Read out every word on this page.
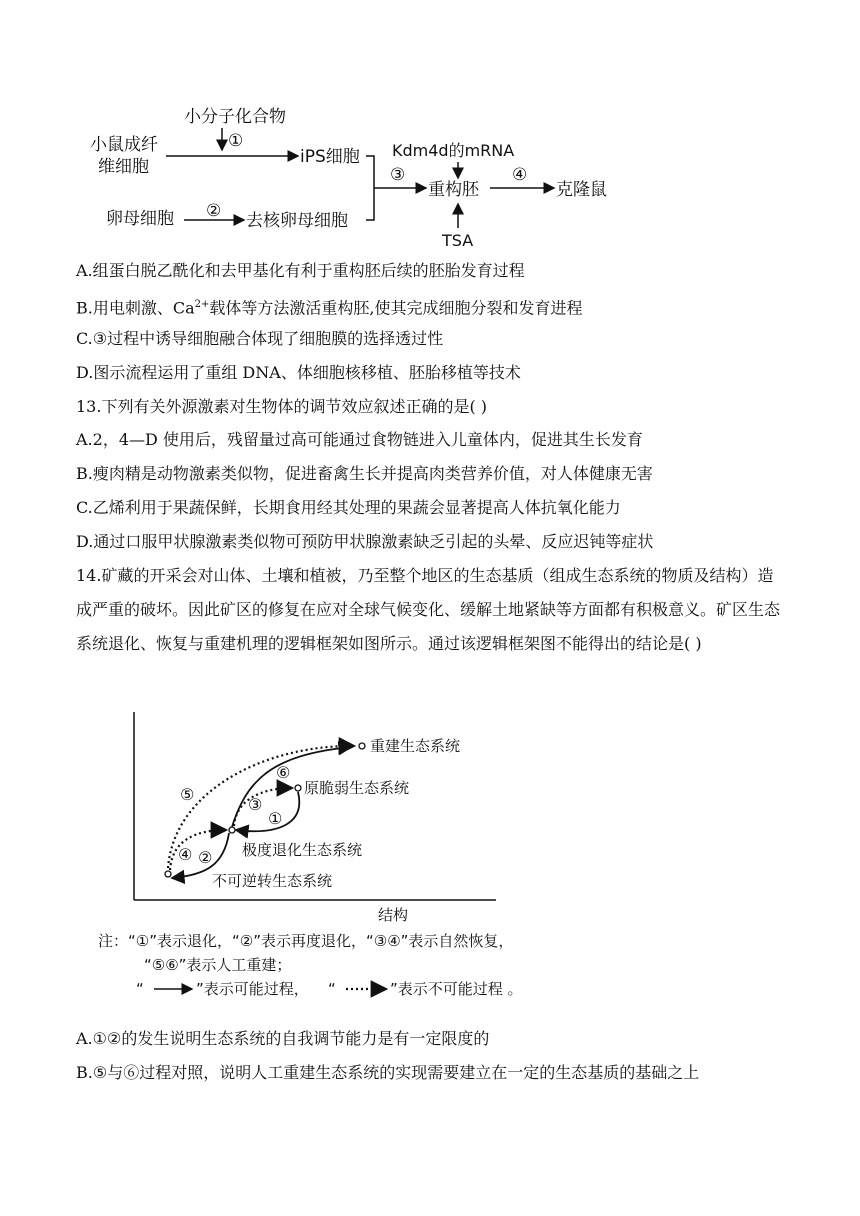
小鼠成纤
维细胞
小分子化合物
①
iPS细胞
卵母细胞 ② 去核卵母细胞
③
Kdm4d的mRNA
重构胚
TSA
④
克隆鼠
A.组蛋白脱乙酰化和去甲基化有利于重构胚后续的胚胎发育过程
B.用电刺激、$Ca^{2+}$载体等方法激活重构胚,使其完成细胞分裂和发育进程
C.③过程中诱导细胞融合体现了细胞膜的选择透过性
D.图示流程运用了重组 DNA、体细胞核移植、胚胎移植等技术
13.下列有关外源激素对生物体的调节效应叙述正确的是( )
A.2，4—D 使用后，残留量过高可能通过食物链进入儿童体内，促进其生长发育
B.瘦肉精是动物激素类似物，促进畜禽生长并提高肉类营养价值，对人体健康无害
C.乙烯利用于果蔬保鲜，长期食用经其处理的果蔬会显著提高人体抗氧化能力
D.通过口服甲状腺激素类似物可预防甲状腺激素缺乏引起的头晕、反应迟钝等症状
14.矿藏的开采会对山体、土壤和植被，乃至整个地区的生态基质（组成生态系统的物质及结构）造成严重的破坏。因此矿区的修复在应对全球气候变化、缓解土地紧缺等方面都有积极意义。矿区生态系统退化、恢复与重建机理的逻辑框架如图所示。通过该逻辑框架图不能得出的结论是( )
结构
重建生态系统
原脆弱生态系统
极度退化生态系统
不可逆转生态系统
⑤
⑥
③
①
④ ②
注：“①”表示退化，“②”表示再度退化，“③④”表示自然恢复，
“⑤⑥”表示人工重建；
“	”表示可能过程， “	”表示不可能过程 。
A.①②的发生说明生态系统的自我调节能力是有一定限度的
B.⑤与⑥过程对照，说明人工重建生态系统的实现需要建立在一定的生态基质的基础之上
